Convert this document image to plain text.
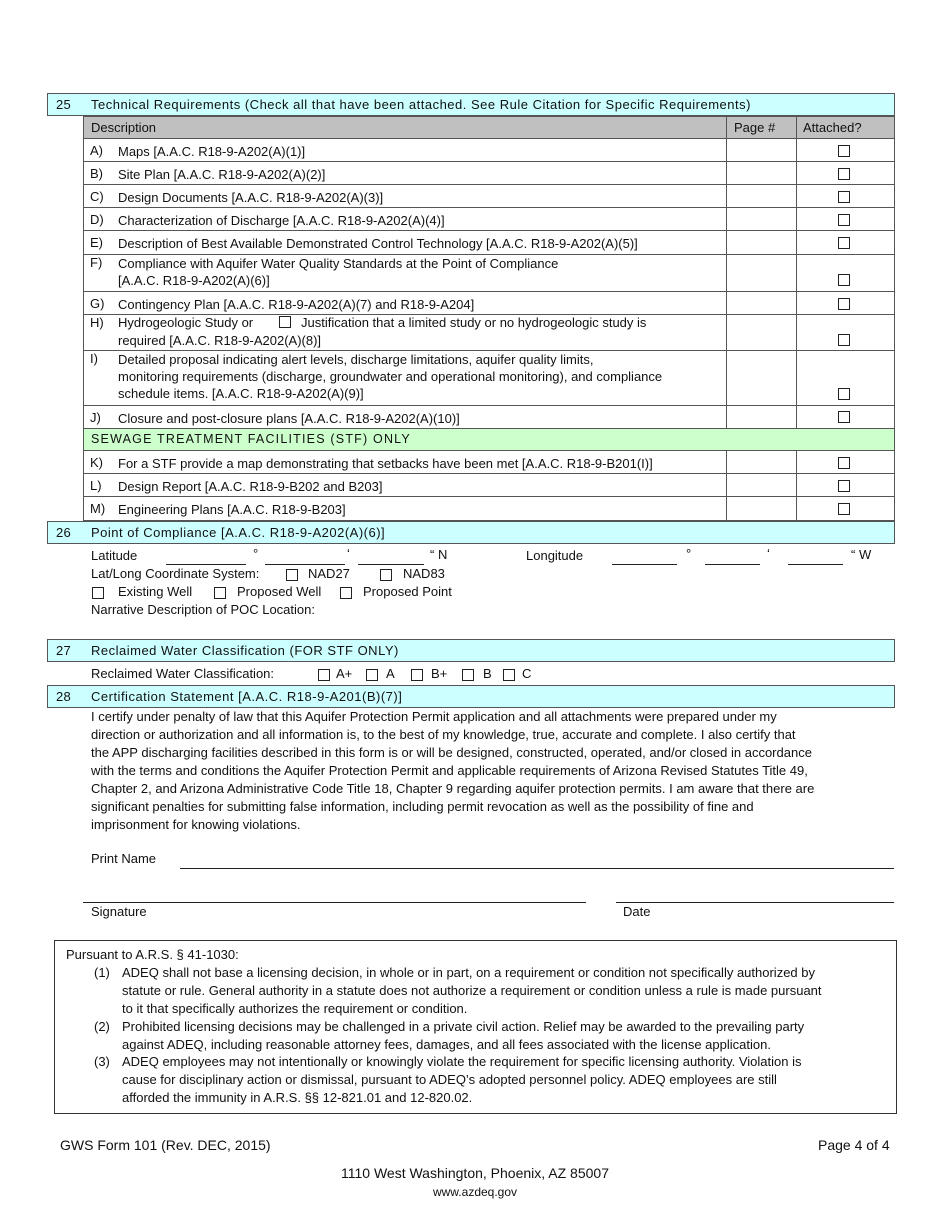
25 Technical Requirements (Check all that have been attached. See Rule Citation for Specific Requirements)
Description	Page # Attached?
A) Maps [A.A.C. R18-9-A202(A)(1)]
B) Site Plan [A.A.C. R18-9-A202(A)(2)]
C) Design Documents [A.A.C. R18-9-A202(A)(3)]
D) Characterization of Discharge [A.A.C. R18-9-A202(A)(4)]
E) Description of Best Available Demonstrated Control Technology [A.A.C. R18-9-A202(A)(5)]
F) Compliance with Aquifer Water Quality Standards at the Point of Compliance
[A.A.C. R18-9-A202(A)(6)]
G) Contingency Plan [A.A.C. R18-9-A202(A)(7) and R18-9-A204]
H) Hydrogeologic Study or	Justification that a limited study or no hydrogeologic study is
required [A.A.C. R18-9-A202(A)(8)]
I) Detailed proposal indicating alert levels, discharge limitations, aquifer quality limits,
monitoring requirements (discharge, groundwater and operational monitoring), and compliance
schedule items. [A.A.C. R18-9-A202(A)(9)]
J) Closure and post-closure plans [A.A.C. R18-9-A202(A)(10)]
SEWAGE TREATMENT FACILITIES (STF) ONLY
K) For a STF provide a map demonstrating that setbacks have been met [A.A.C. R18-9-B201(I)]
L) Design Report [A.A.C. R18-9-B202 and B203]
M) Engineering Plans [A.A.C. R18-9-B203]
26 Point of Compliance [A.A.C. R18-9-A202(A)(6)]
Latitude	°	‘	“ N	Longitude	°	‘	“ W
Lat/Long Coordinate System:	NAD27	NAD83
Existing Well	Proposed Well	Proposed Point
Narrative Description of POC Location:
27 Reclaimed Water Classification (FOR STF ONLY)
Reclaimed Water Classification:	A+	A	B+	B C
28 Certification Statement [A.A.C. R18-9-A201(B)(7)]
I certify under penalty of law that this Aquifer Protection Permit application and all attachments were prepared under my
direction or authorization and all information is, to the best of my knowledge, true, accurate and complete. I also certify that
the APP discharging facilities described in this form is or will be designed, constructed, operated, and/or closed in accordance
with the terms and conditions the Aquifer Protection Permit and applicable requirements of Arizona Revised Statutes Title 49,
Chapter 2, and Arizona Administrative Code Title 18, Chapter 9 regarding aquifer protection permits. I am aware that there are
significant penalties for submitting false information, including permit revocation as well as the possibility of fine and
imprisonment for knowing violations.
Print Name
Signature	Date
Pursuant to A.R.S. § 41-1030:
(1) ADEQ shall not base a licensing decision, in whole or in part, on a requirement or condition not specifically authorized by
statute or rule. General authority in a statute does not authorize a requirement or condition unless a rule is made pursuant
to it that specifically authorizes the requirement or condition.
(2) Prohibited licensing decisions may be challenged in a private civil action. Relief may be awarded to the prevailing party
against ADEQ, including reasonable attorney fees, damages, and all fees associated with the license application.
(3) ADEQ employees may not intentionally or knowingly violate the requirement for specific licensing authority. Violation is
cause for disciplinary action or dismissal, pursuant to ADEQ’s adopted personnel policy. ADEQ employees are still
afforded the immunity in A.R.S. §§ 12-821.01 and 12-820.02.
GWS Form 101 (Rev. DEC, 2015)	Page 4 of 4
1110 West Washington, Phoenix, AZ 85007
www.azdeq.gov
